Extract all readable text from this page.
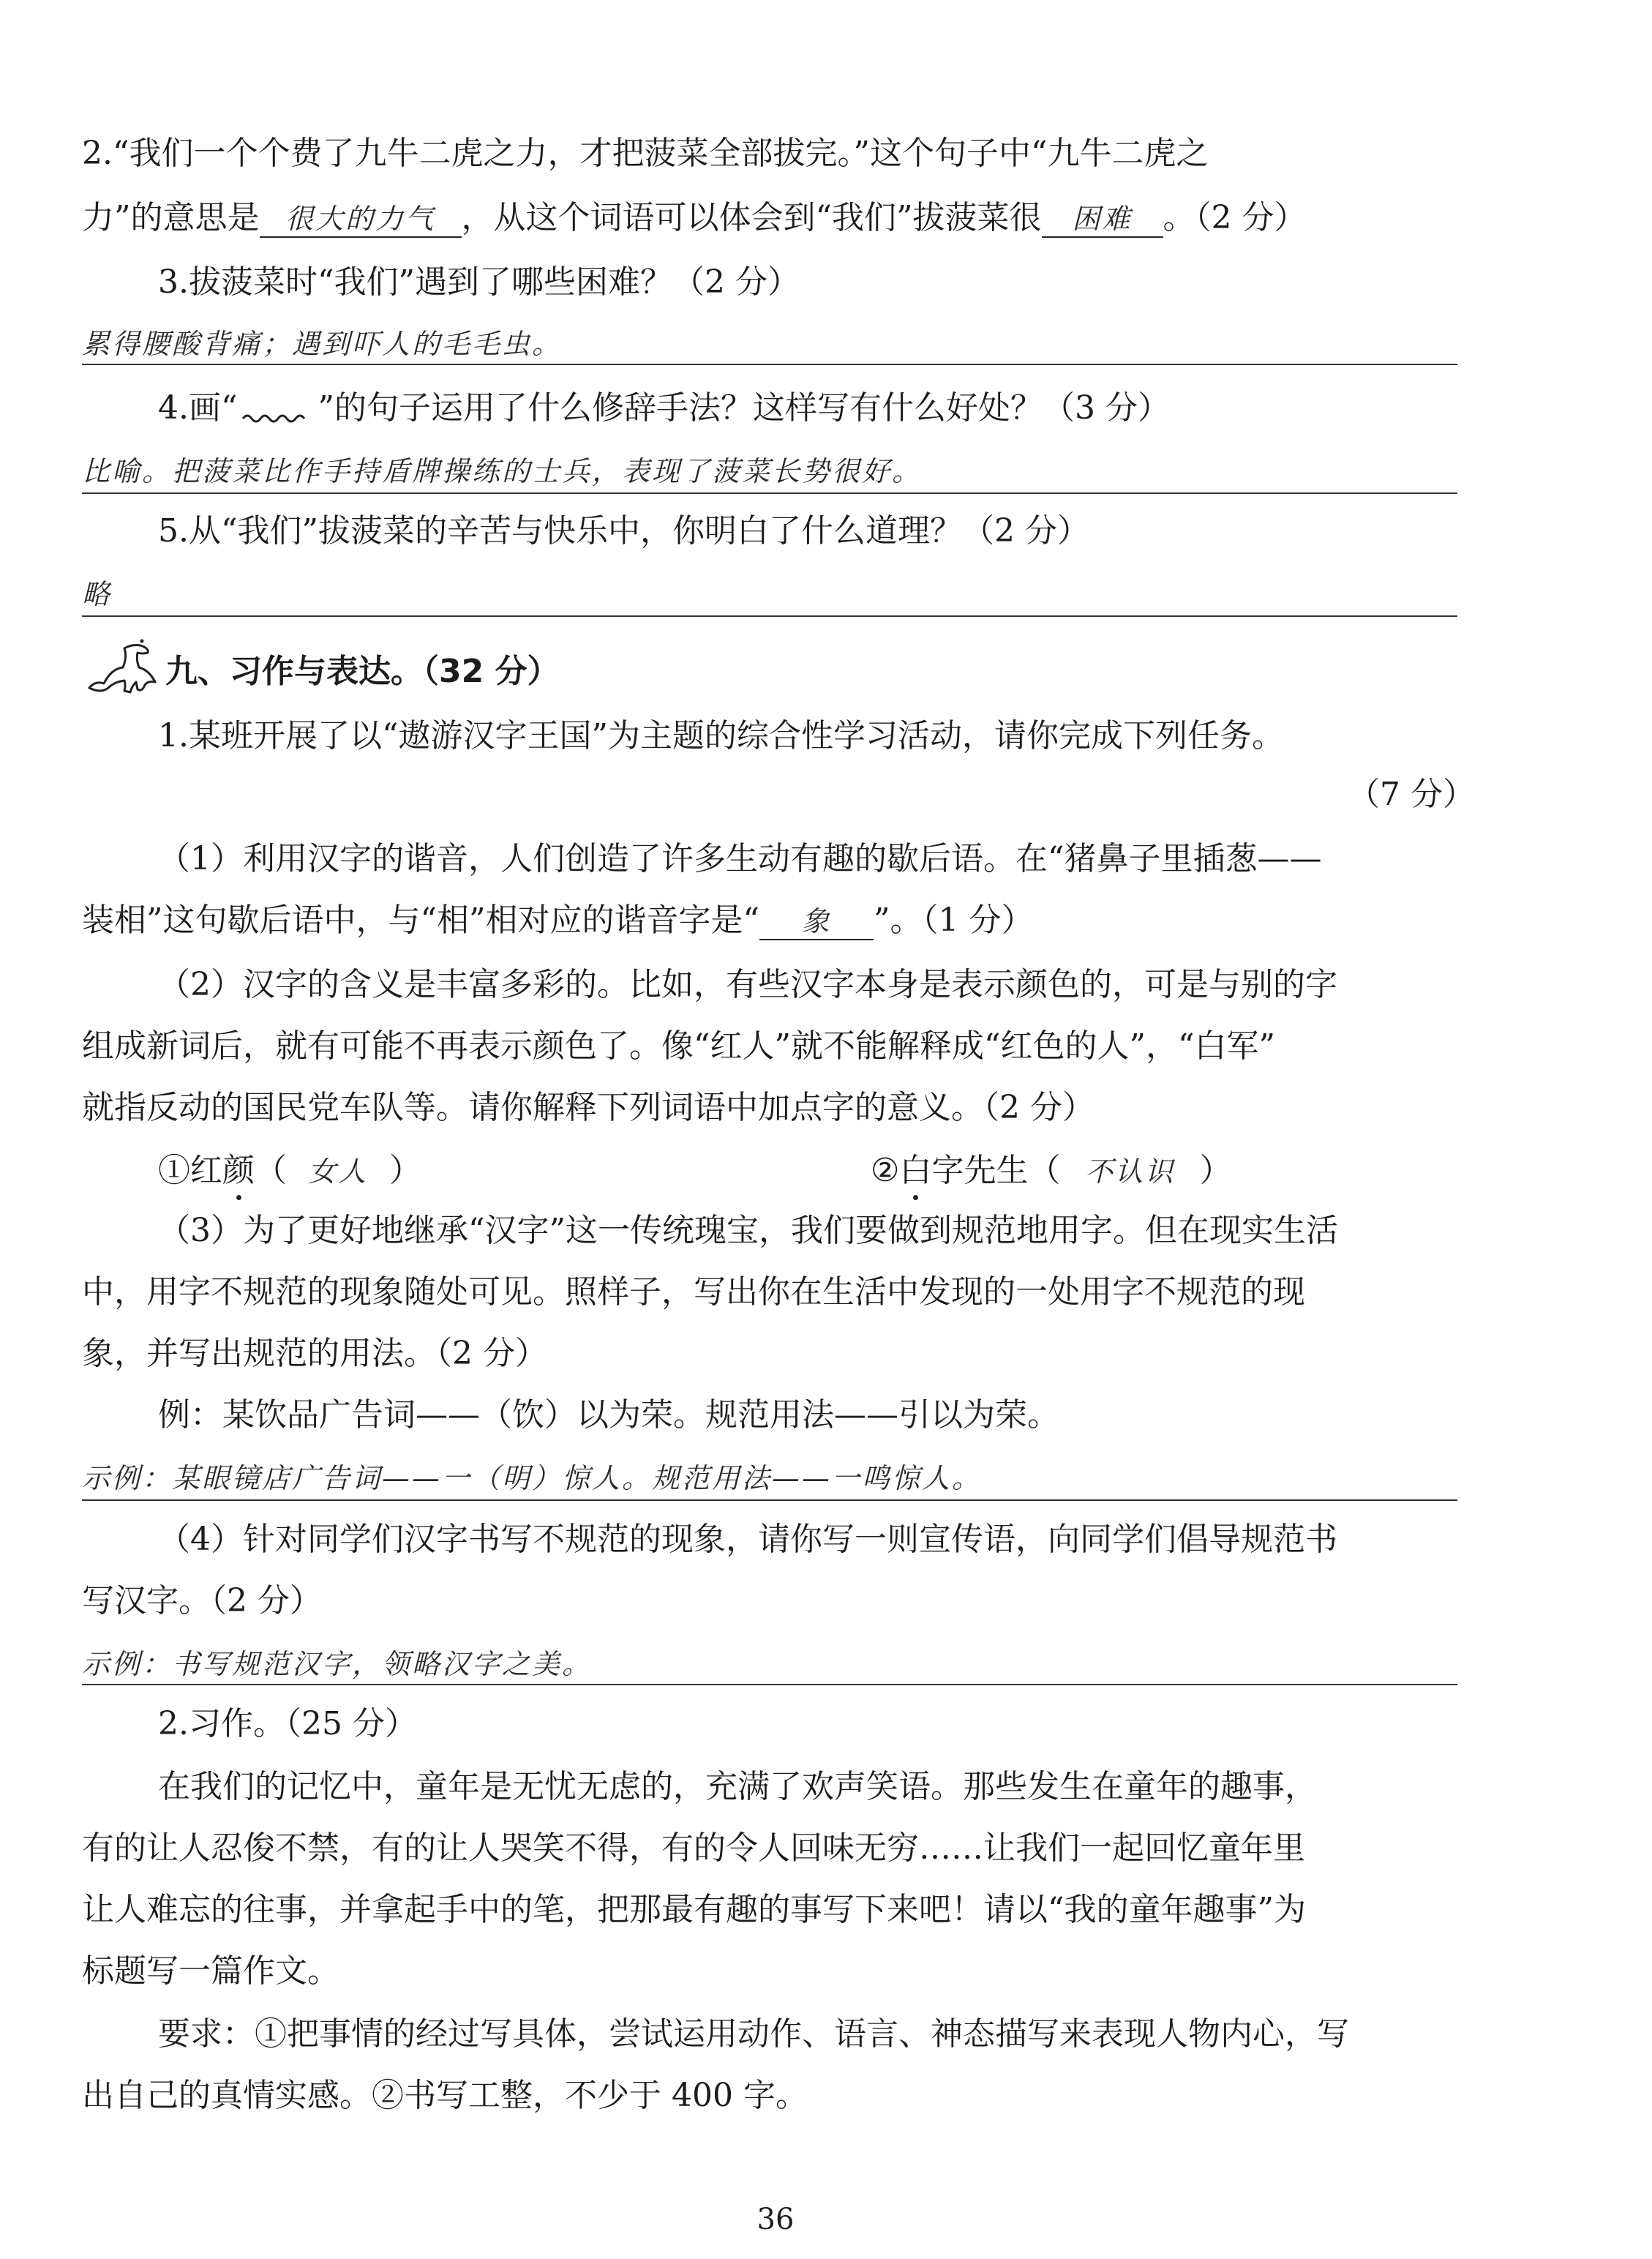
2.“我们一个个费了九牛二虎之力，才把菠菜全部拔完。”这个句子中“九牛二虎之
力”的意思是 很大的力气 ，从这个词语可以体会到“我们”拔菠菜很 困难 。（2 分）
3.拔菠菜时“我们”遇到了哪些困难？（2 分）
累得腰酸背痛；遇到吓人的毛毛虫。
4.画“	”的句子运用了什么修辞手法？这样写有什么好处？（3 分）
比喻。把菠菜比作手持盾牌操练的士兵，表现了菠菜长势很好。
5.从“我们”拔菠菜的辛苦与快乐中，你明白了什么道理？（2 分）
略
九、习作与表达。（32 分）
1.某班开展了以“遨游汉字王国”为主题的综合性学习活动，请你完成下列任务。
（7 分）
（1）利用汉字的谐音，人们创造了许多生动有趣的歇后语。在“猪鼻子里插葱——
装相”这句歇后语中，与“相”相对应的谐音字是“ 象 ”。（1 分）
（2）汉字的含义是丰富多彩的。比如，有些汉字本身是表示颜色的，可是与别的字
组成新词后，就有可能不再表示颜色了。像“红人”就不能解释成“红色的人”，“白军”
就指反动的国民党车队等。请你解释下列词语中加点字的意义。（2 分）
①红颜（ 女人 ）	②白字先生（ 不认识 ）
（3）为了更好地继承“汉字”这一传统瑰宝，我们要做到规范地用字。但在现实生活
中，用字不规范的现象随处可见。照样子，写出你在生活中发现的一处用字不规范的现
象，并写出规范的用法。（2 分）
例：某饮品广告词——（饮）以为荣。规范用法——引以为荣。
示例：某眼镜店广告词——一（明）惊人。规范用法——一鸣惊人。
（4）针对同学们汉字书写不规范的现象，请你写一则宣传语，向同学们倡导规范书
写汉字。（2 分）
示例：书写规范汉字，领略汉字之美。
2.习作。（25 分）
在我们的记忆中，童年是无忧无虑的，充满了欢声笑语。那些发生在童年的趣事，
有的让人忍俊不禁，有的让人哭笑不得，有的令人回味无穷……让我们一起回忆童年里
让人难忘的往事，并拿起手中的笔，把那最有趣的事写下来吧！请以“我的童年趣事”为
标题写一篇作文。
要求：①把事情的经过写具体，尝试运用动作、语言、神态描写来表现人物内心，写
出自己的真情实感。②书写工整，不少于 400 字。
36
